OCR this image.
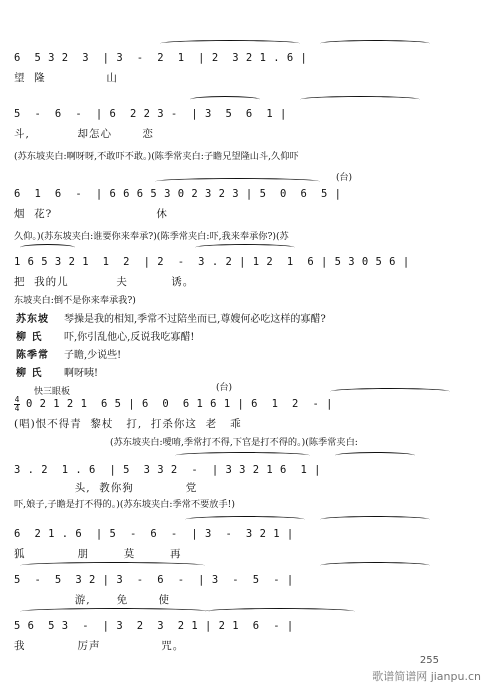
6  5 3 2  3  | 3  -  2  1  | 2  3 2 1 . 6 |
望  隆              山
5  -  6  -  | 6  2 2 3 -  | 3  5  6  1 |
斗,           却怎心       恋
(苏东坡夹白:啊呀呀,不敢吓不敢。)(陈季常夹白:子瞻兄望隆山斗,久仰吓
(台)
6  1  6  -  | 6 6 6 5 3 0 2 3 2 3 | 5  0  6  5 |
烟  花?                        休
久仰。)(苏东坡夹白:谁要你来奉承?)(陈季常夹白:吓,我来奉承你?)(苏
1 6 5 3 2 1  1  2  | 2  -  3 . 2 | 1 2  1  6 | 5 3 0 5 6 |
把  我的儿           夫          诱。
东坡夹白:倒不是你来奉承我?)
苏东坡 琴操是我的相知,季常不过陪坐而已,尊嫂何必吃这样的寡醋?
柳 氏 吓,你引乱他心,反说我吃寡醋!
陈季常 子瞻,少说些!
柳 氏 啊呀咦!
快三眼板
4
4
(台)
0 2 1 2 1  6 5 | 6  0  6 1 6 1 | 6  1  2  - |
(唱)恨不得青  黎杖   打,  打杀你这  老   乖
(苏东坡夹白:噯唷,季常打不得,下官是打不得的。)(陈季常夹白:
3 . 2  1 . 6  | 5  3 3 2  -  | 3 3 2 1 6  1 |
头,  教你狗            党
吓,娘子,子瞻是打不得的。)(苏东坡夹白:季常不要放手!)
6  2 1 . 6  | 5  -  6  -  | 3  -  3 2 1 |
狐            朋        莫        再
5  -  5  3 2 | 3  -  6  -  | 3  -  5  - |
游,      免       使
5 6  5 3  -  | 3  2  3  2 1 | 2 1  6  - |
我            厉声              咒。
255
歌谱简谱网 jianpu.cn
